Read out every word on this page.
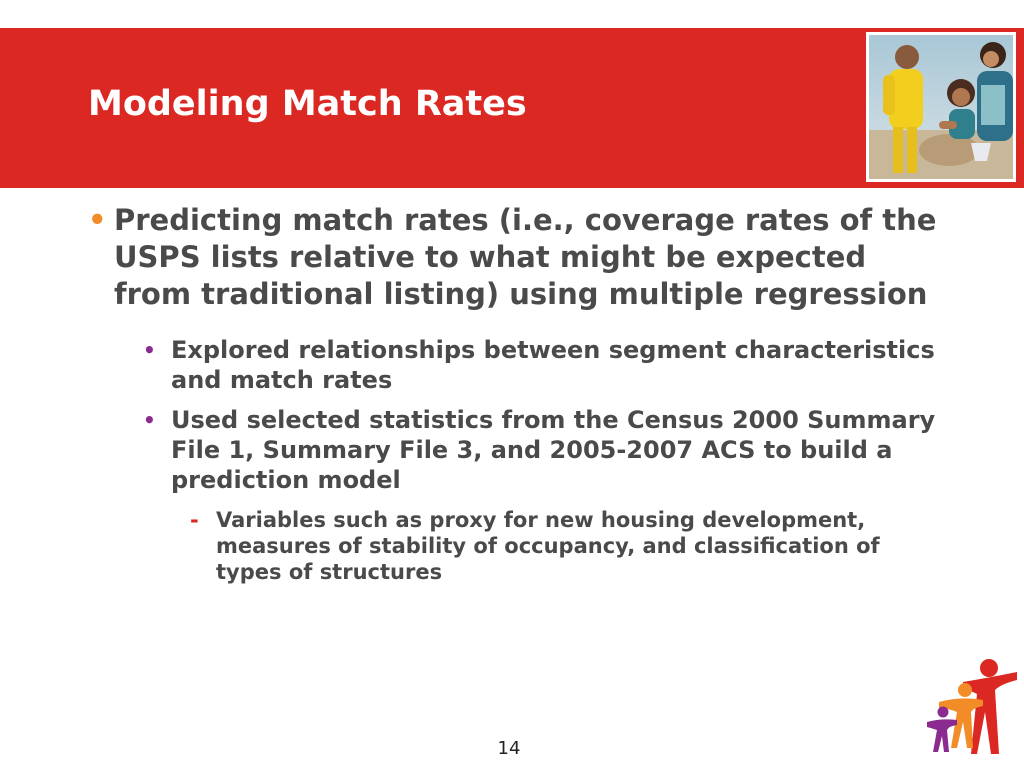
Modeling Match Rates
• Predicting match rates (i.e., coverage rates of the USPS lists relative to what might be expected from traditional listing) using multiple regression
• Explored relationships between segment characteristics and match rates
• Used selected statistics from the Census 2000 Summary File 1, Summary File 3, and 2005-2007 ACS to build a prediction model
- Variables such as proxy for new housing development, measures of stability of occupancy, and classification of types of structures
14
